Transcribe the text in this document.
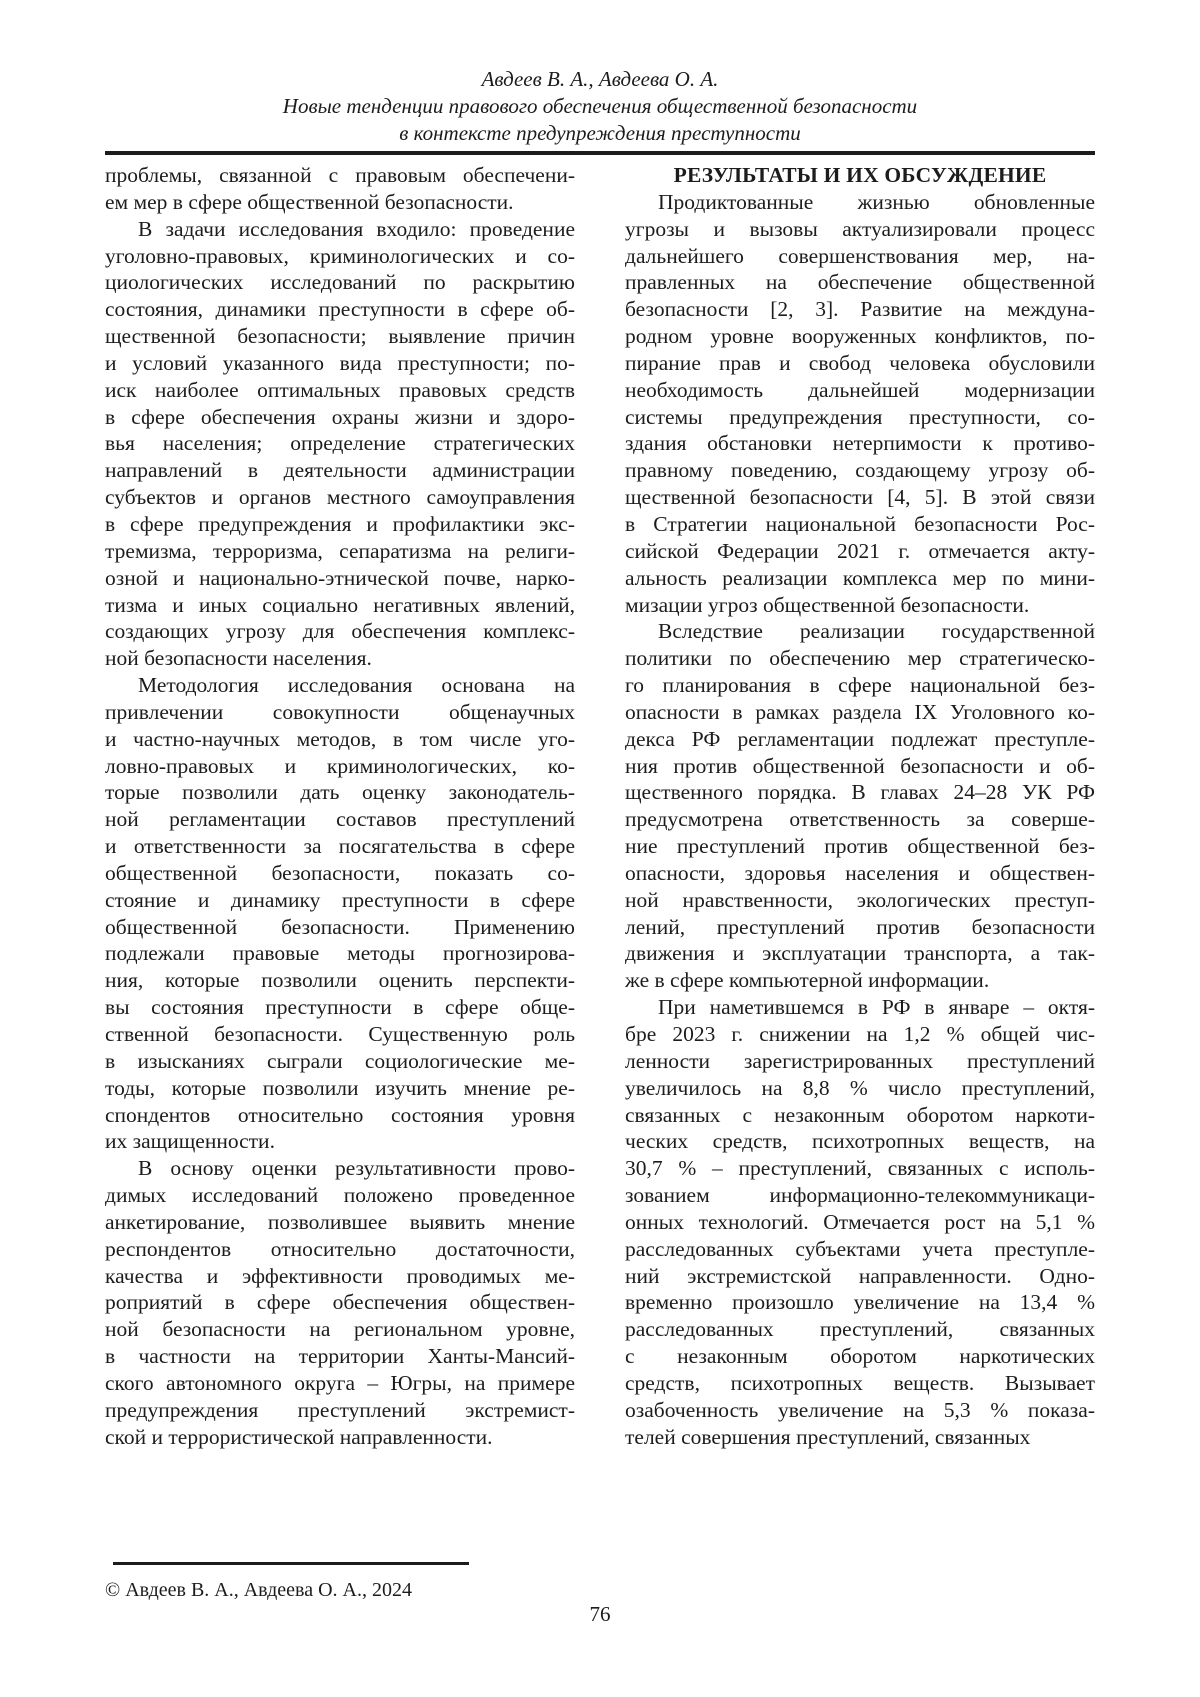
Авдеев В. А., Авдеева О. А.
Новые тенденции правового обеспечения общественной безопасности
в контексте предупреждения преступности
проблемы, связанной с правовым обеспечени-
ем мер в сфере общественной безопасности.
В задачи исследования входило: проведение
уголовно-правовых, криминологических и со-
циологических исследований по раскрытию
состояния, динамики преступности в сфере об-
щественной безопасности; выявление причин
и условий указанного вида преступности; по-
иск наиболее оптимальных правовых средств
в сфере обеспечения охраны жизни и здоро-
вья населения; определение стратегических
направлений в деятельности администрации
субъектов и органов местного самоуправления
в сфере предупреждения и профилактики экс-
тремизма, терроризма, сепаратизма на религи-
озной и национально-этнической почве, нарко-
тизма и иных социально негативных явлений,
создающих угрозу для обеспечения комплекс-
ной безопасности населения.
Методология исследования основана на
привлечении совокупности общенаучных
и частно-научных методов, в том числе уго-
ловно-правовых и криминологических, ко-
торые позволили дать оценку законодатель-
ной регламентации составов преступлений
и ответственности за посягательства в сфере
общественной безопасности, показать со-
стояние и динамику преступности в сфере
общественной безопасности. Применению
подлежали правовые методы прогнозирова-
ния, которые позволили оценить перспекти-
вы состояния преступности в сфере обще-
ственной безопасности. Существенную роль
в изысканиях сыграли социологические ме-
тоды, которые позволили изучить мнение ре-
спондентов относительно состояния уровня
их защищенности.
В основу оценки результативности прово-
димых исследований положено проведенное
анкетирование, позволившее выявить мнение
респондентов относительно достаточности,
качества и эффективности проводимых ме-
роприятий в сфере обеспечения обществен-
ной безопасности на региональном уровне,
в частности на территории Ханты-Мансий-
ского автономного округа – Югры, на примере
предупреждения преступлений экстремист-
ской и террористической направленности.
РЕЗУЛЬТАТЫ И ИХ ОБСУЖДЕНИЕ
Продиктованные жизнью обновленные
угрозы и вызовы актуализировали процесс
дальнейшего совершенствования мер, на-
правленных на обеспечение общественной
безопасности [2, 3]. Развитие на междуна-
родном уровне вооруженных конфликтов, по-
пирание прав и свобод человека обусловили
необходимость дальнейшей модернизации
системы предупреждения преступности, со-
здания обстановки нетерпимости к противо-
правному поведению, создающему угрозу об-
щественной безопасности [4, 5]. В этой связи
в Стратегии национальной безопасности Рос-
сийской Федерации 2021 г. отмечается акту-
альность реализации комплекса мер по мини-
мизации угроз общественной безопасности.
Вследствие реализации государственной
политики по обеспечению мер стратегическо-
го планирования в сфере национальной без-
опасности в рамках раздела IX Уголовного ко-
декса РФ регламентации подлежат преступле-
ния против общественной безопасности и об-
щественного порядка. В главах 24–28 УК РФ
предусмотрена ответственность за соверше-
ние преступлений против общественной без-
опасности, здоровья населения и обществен-
ной нравственности, экологических преступ-
лений, преступлений против безопасности
движения и эксплуатации транспорта, а так-
же в сфере компьютерной информации.
При наметившемся в РФ в январе – октя-
бре 2023 г. снижении на 1,2 % общей чис-
ленности зарегистрированных преступлений
увеличилось на 8,8 % число преступлений,
связанных с незаконным оборотом наркоти-
ческих средств, психотропных веществ, на
30,7 % – преступлений, связанных с исполь-
зованием информационно-телекоммуникаци-
онных технологий. Отмечается рост на 5,1 %
расследованных субъектами учета преступле-
ний экстремистской направленности. Одно-
временно произошло увеличение на 13,4 %
расследованных преступлений, связанных
с незаконным оборотом наркотических
средств, психотропных веществ. Вызывает
озабоченность увеличение на 5,3 % показа-
телей совершения преступлений, связанных
© Авдеев В. А., Авдеева О. А., 2024
76
